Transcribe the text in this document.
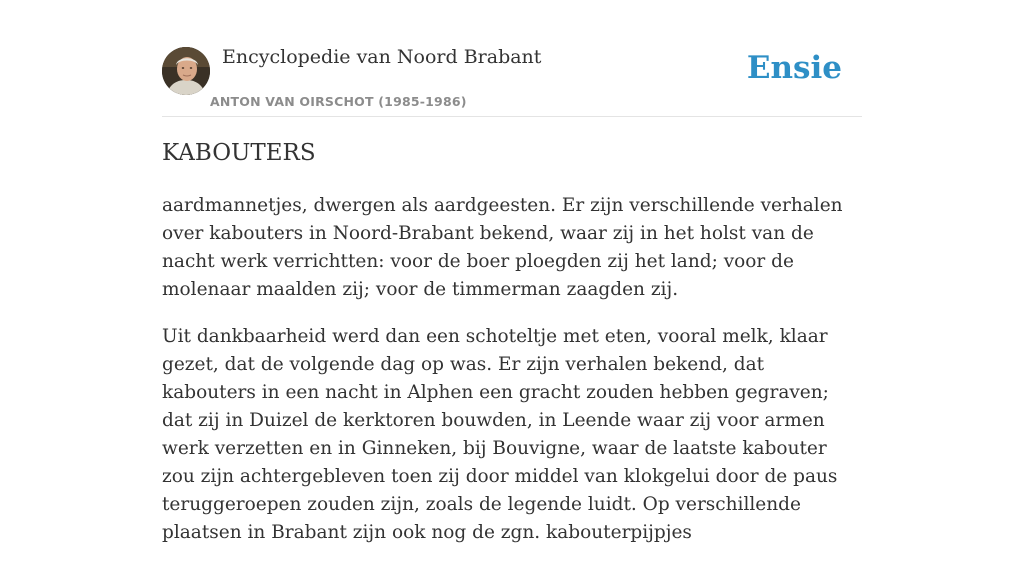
Encyclopedie van Noord Brabant
ANTON VAN OIRSCHOT (1985-1986)
Ensie
KABOUTERS

aardmannetjes, dwergen als aardgeesten. Er zijn verschillende verhalen over kabouters in Noord-Brabant bekend, waar zij in het holst van de nacht werk verrichtten: voor de boer ploegden zij het land; voor de molenaar maalden zij; voor de timmerman zaagden zij.

Uit dankbaarheid werd dan een schoteltje met eten, vooral melk, klaar gezet, dat de volgende dag op was. Er zijn verhalen bekend, dat kabouters in een nacht in Alphen een gracht zouden hebben gegraven; dat zij in Duizel de kerktoren bouwden, in Leende waar zij voor armen werk verzetten en in Ginneken, bij Bouvigne, waar de laatste kabouter zou zijn achtergebleven toen zij door middel van klokgelui door de paus teruggeroepen zouden zijn, zoals de legende luidt. Op verschillende plaatsen in Brabant zijn ook nog de zgn. kabouterpijpjes
